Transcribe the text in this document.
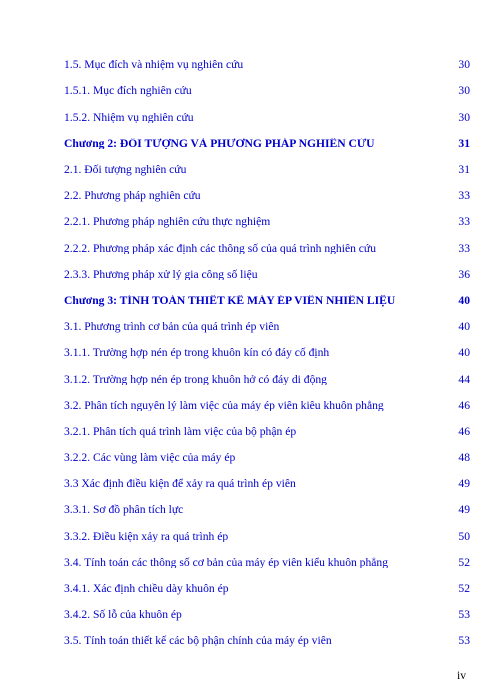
1.5. Mục đích và nhiệm vụ nghiên cứu	30
1.5.1. Mục đích nghiên cứu	30
1.5.2. Nhiệm vụ nghiên cứu	30
Chương 2: ĐỐI TƯỢNG VÀ PHƯƠNG PHÁP NGHIÊN CỨU	31
2.1. Đối tượng nghiên cứu	31
2.2. Phương pháp nghiên cứu	33
2.2.1. Phương pháp nghiên cứu thực nghiệm	33
2.2.2. Phương pháp xác định các thông số của quá trình nghiên cứu	33
2.3.3. Phương pháp xử lý gia công số liệu	36
Chương 3: TÍNH TOÁN THIẾT KẾ MÁY ÉP VIÊN NHIÊN LIỆU	40
3.1. Phương trình cơ bản của quá trình ép viên	40
3.1.1. Trường hợp nén ép trong khuôn kín có đáy cố định	40
3.1.2. Trường hợp nén ép trong khuôn hở có đáy di động	44
3.2. Phân tích nguyên lý làm việc của máy ép viên kiêu khuôn phẳng	46
3.2.1. Phân tích quá trình làm việc của bộ phận ép	46
3.2.2. Các vùng làm việc của máy ép	48
3.3 Xác định điều kiện để xảy ra quá trình ép viên	49
3.3.1. Sơ đồ phân tích lực	49
3.3.2. Điều kiện xảy ra quá trình ép	50
3.4. Tính toán các thông số cơ bản của máy ép viên kiểu khuôn phẳng	52
3.4.1. Xác định chiều dày khuôn ép	52
3.4.2. Số lỗ của khuôn ép	53
3.5. Tính toán thiết kế các bộ phận chính của máy ép viên	53
iv
